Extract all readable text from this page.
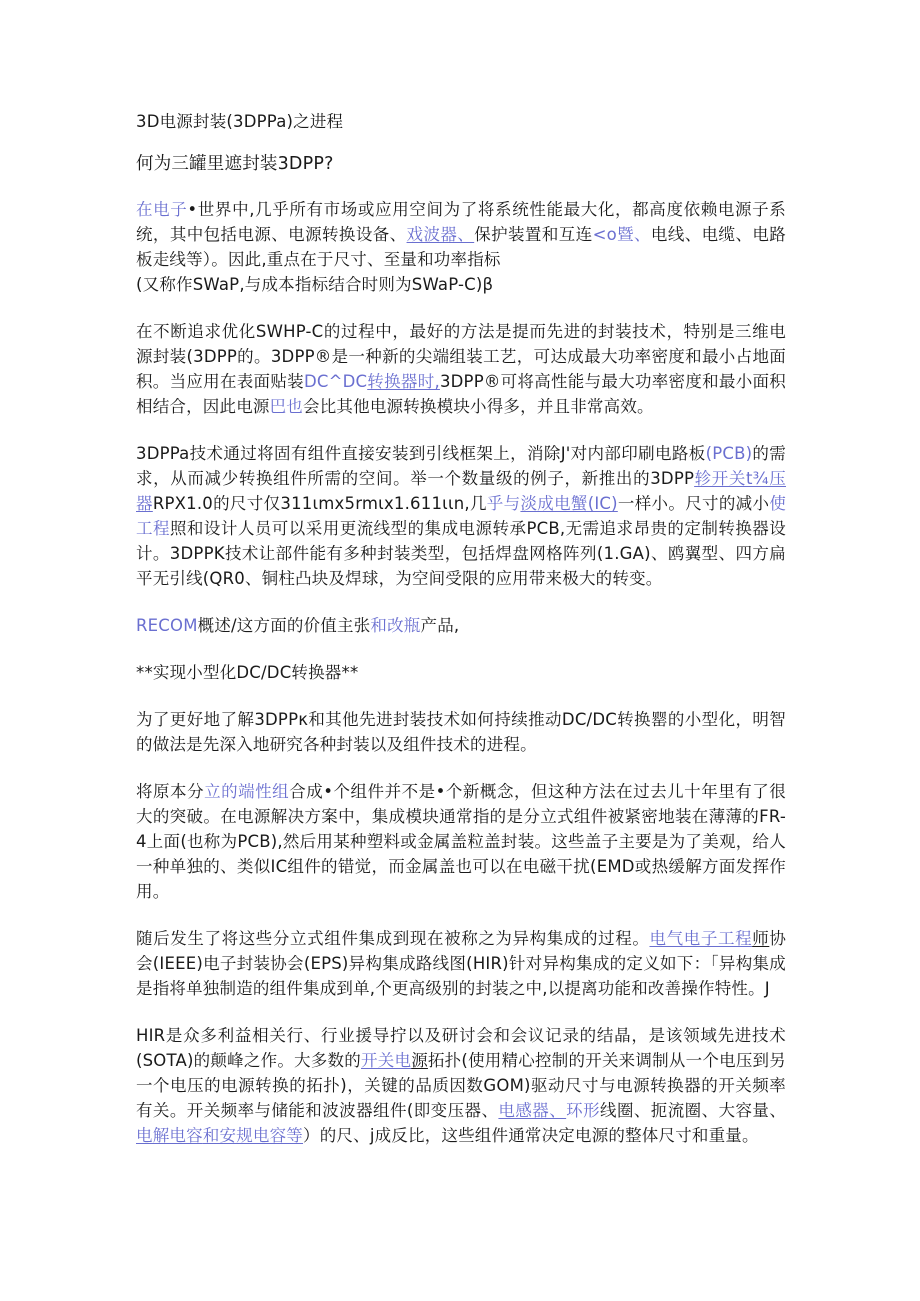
3D电源封装(3DPPa)之进程

何为三罐里遮封装3DPP?

在电子•世界中,几乎所有市场或应用空间为了将系统性能最大化，都高度依赖电源子系统，其中包括电源、电源转换设备、戏波器、保护装置和互连<o暨、电线、电缆、电路板走线等）。因此,重点在于尺寸、至量和功率指标
(又称作SWaP,与成本指标结合时则为SWaP-C)β

在不断追求优化SWHP-C的过程中，最好的方法是提而先进的封装技术，特别是三维电源封装(3DPP的。3DPP®是一种新的尖端组装工艺，可达成最大功率密度和最小占地面积。当应用在表面贴装DC^DC转换器时,3DPP®可将高性能与最大功率密度和最小面积相结合，因此电源巴也会比其他电源转换模块小得多，并且非常高效。

3DPPa技术通过将固有组件直接安装到引线框架上，消除J'对内部印刷电路板(PCB)的需求，从而减少转换组件所需的空间。举一个数量级的例子，新推出的3DPP轸开关t¾压器RPX1.0的尺寸仅311ιmx5rmιx1.611ιιn,几乎与淡成电蟹(IC)一样小。尺寸的减小使工程照和设计人员可以采用更流线型的集成电源转承PCB,无需追求昂贵的定制转换器设计。3DPPK技术让部件能有多种封装类型，包括焊盘网格阵列(1.GA)、鸥翼型、四方扁平无引线(QR0、铜柱凸块及焊球，为空间受限的应用带来极大的转变。

RECOM概述/这方面的价值主张和改瓶产品,

**实现小型化DC/DC转换器**

为了更好地了解3DPPκ和其他先进封装技术如何持续推动DC/DC转换罂的小型化，明智的做法是先深入地研究各种封装以及组件技术的进程。

将原本分立的端性组合成•个组件并不是•个新概念，但这种方法在过去儿十年里有了很大的突破。在电源解决方案中，集成模块通常指的是分立式组件被紧密地装在薄薄的FR-4上面(也称为PCB),然后用某种塑料或金属盖粒盖封装。这些盖子主要是为了美观，给人一种单独的、类似IC组件的错觉，而金属盖也可以在电磁干扰(EMD或热缓解方面发挥作用。

随后发生了将这些分立式组件集成到现在被称之为异构集成的过程。电气电子工程师协会(IEEE)电子封装协会(EPS)异构集成路线图(HIR)针对异构集成的定义如下：「异构集成是指将单独制造的组件集成到单,个更高级别的封装之中,以提离功能和改善操作特性。J

HIR是众多利益相关行、行业援导拧以及研讨会和会议记录的结晶，是该领域先进技术(SOTA)的颠峰之作。大多数的开关电源拓扑(使用精心控制的开关来调制从一个电压到另一个电压的电源转换的拓扑)，关键的品质因数GOM)驱动尺寸与电源转换器的开关频率有关。开关频率与储能和波波器组件(即变压器、电感器、环形线圈、扼流圈、大容量、电解电容和安规电容等）的尺、j成反比，这些组件通常决定电源的整体尺寸和重量。
